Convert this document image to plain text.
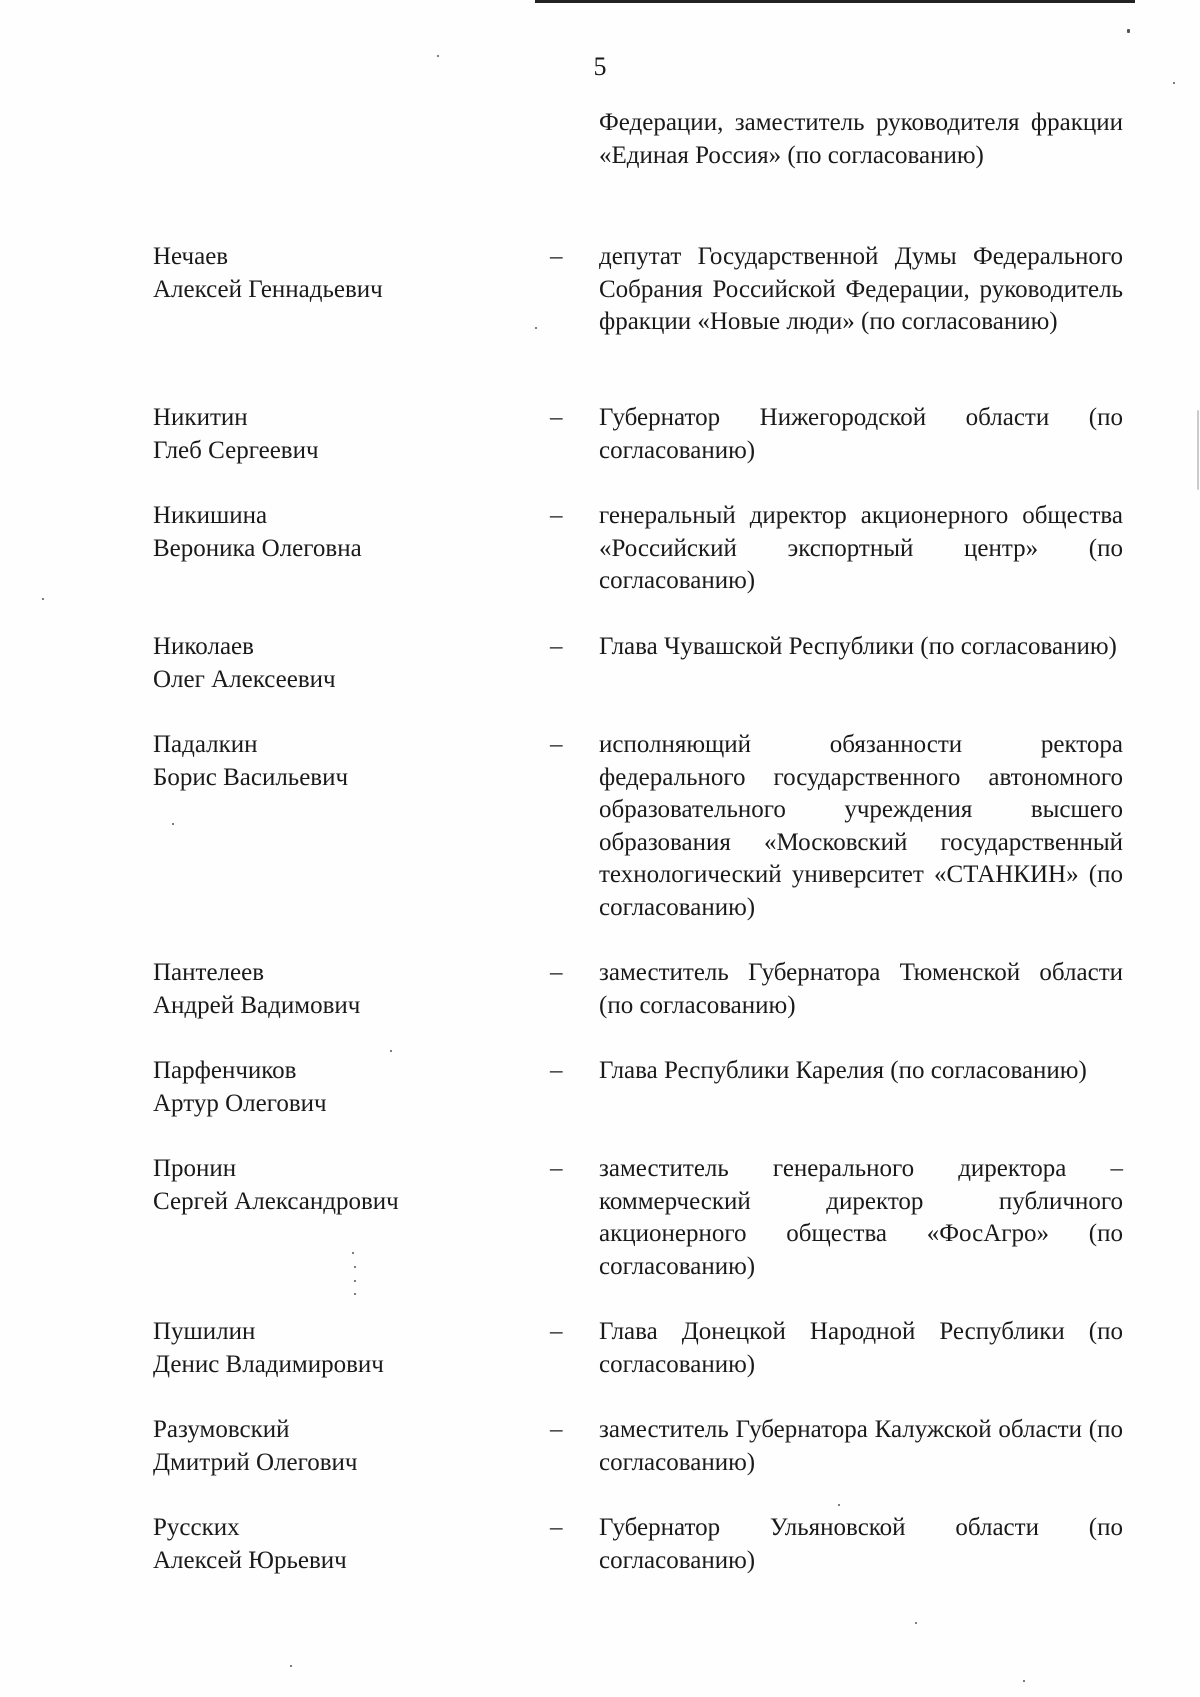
5
Федерации, заместитель руководителя фракции «Единая Россия» (по согласованию)
Нечаев
Алексей Геннадьевич
– депутат Государственной Думы Федерального Собрания Российской Федерации, руководитель фракции «Новые люди» (по согласованию)
Никитин
Глеб Сергеевич
– Губернатор Нижегородской области (по согласованию)
Никишина
Вероника Олеговна
– генеральный директор акционерного общества «Российский экспортный центр» (по согласованию)
Николаев
Олег Алексеевич
– Глава Чувашской Республики (по согласованию)
Падалкин
Борис Васильевич
– исполняющий обязанности ректора федерального государственного автономного образовательного учреждения высшего образования «Московский государственный технологический университет «СТАНКИН» (по согласованию)
Пантелеев
Андрей Вадимович
– заместитель Губернатора Тюменской области (по согласованию)
Парфенчиков
Артур Олегович
– Глава Республики Карелия (по согласованию)
Пронин
Сергей Александрович
– заместитель генерального директора – коммерческий директор публичного акционерного общества «ФосАгро» (по согласованию)
Пушилин
Денис Владимирович
– Глава Донецкой Народной Республики (по согласованию)
Разумовский
Дмитрий Олегович
– заместитель Губернатора Калужской области (по согласованию)
Русских
Алексей Юрьевич
– Губернатор Ульяновской области (по согласованию)
